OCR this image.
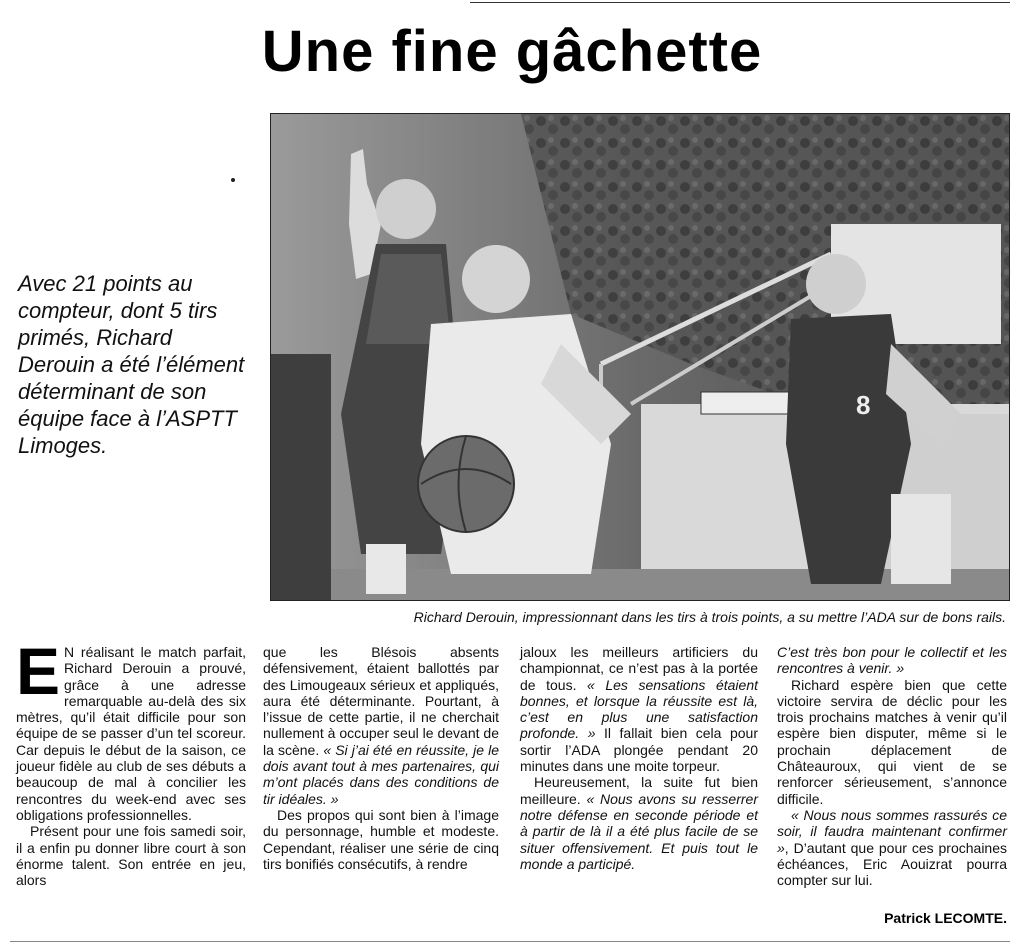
Une fine gâchette

Avec 21 points au compteur, dont 5 tirs primés, Richard Derouin a été l’élément déterminant de son équipe face à l’ASPTT Limoges.

8
Richard Derouin, impressionnant dans les tirs à trois points, a su mettre l’ADA sur de bons rails.

E N réalisant le match parfait, Richard Derouin a prouvé, grâce à une adresse remarquable au-delà des six mètres, qu’il était difficile pour son équipe de se passer d’un tel scoreur. Car depuis le début de la saison, ce joueur fidèle au club de ses débuts a beaucoup de mal à concilier les rencontres du week-end avec ses obligations professionnelles.

Présent pour une fois samedi soir, il a enfin pu donner libre court à son énorme talent. Son entrée en jeu, alors

que les Blésois absents défensivement, étaient ballottés par des Limougeaux sérieux et appliqués, aura été déterminante. Pourtant, à l’issue de cette partie, il ne cherchait nullement à occuper seul le devant de la scène. « Si j’ai été en réussite, je le dois avant tout à mes partenaires, qui m’ont placés dans des conditions de tir idéales. »

Des propos qui sont bien à l’image du personnage, humble et modeste. Cependant, réaliser une série de cinq tirs bonifiés consécutifs, à rendre

jaloux les meilleurs artificiers du championnat, ce n’est pas à la portée de tous. « Les sensations étaient bonnes, et lorsque la réussite est là, c’est en plus une satisfaction profonde. » Il fallait bien cela pour sortir l’ADA plongée pendant 20 minutes dans une moite torpeur.

Heureusement, la suite fut bien meilleure. « Nous avons su resserrer notre défense en seconde période et à partir de là il a été plus facile de se situer offensivement. Et puis tout le monde a participé.

C’est très bon pour le collectif et les rencontres à venir. »

Richard espère bien que cette victoire servira de déclic pour les trois prochains matches à venir qu’il espère bien disputer, même si le prochain déplacement de Châteauroux, qui vient de se renforcer sérieusement, s’annonce difficile.

« Nous nous sommes rassurés ce soir, il faudra maintenant confirmer », D’autant que pour ces prochaines échéances, Eric Aouizrat pourra compter sur lui.

Patrick LECOMTE.
